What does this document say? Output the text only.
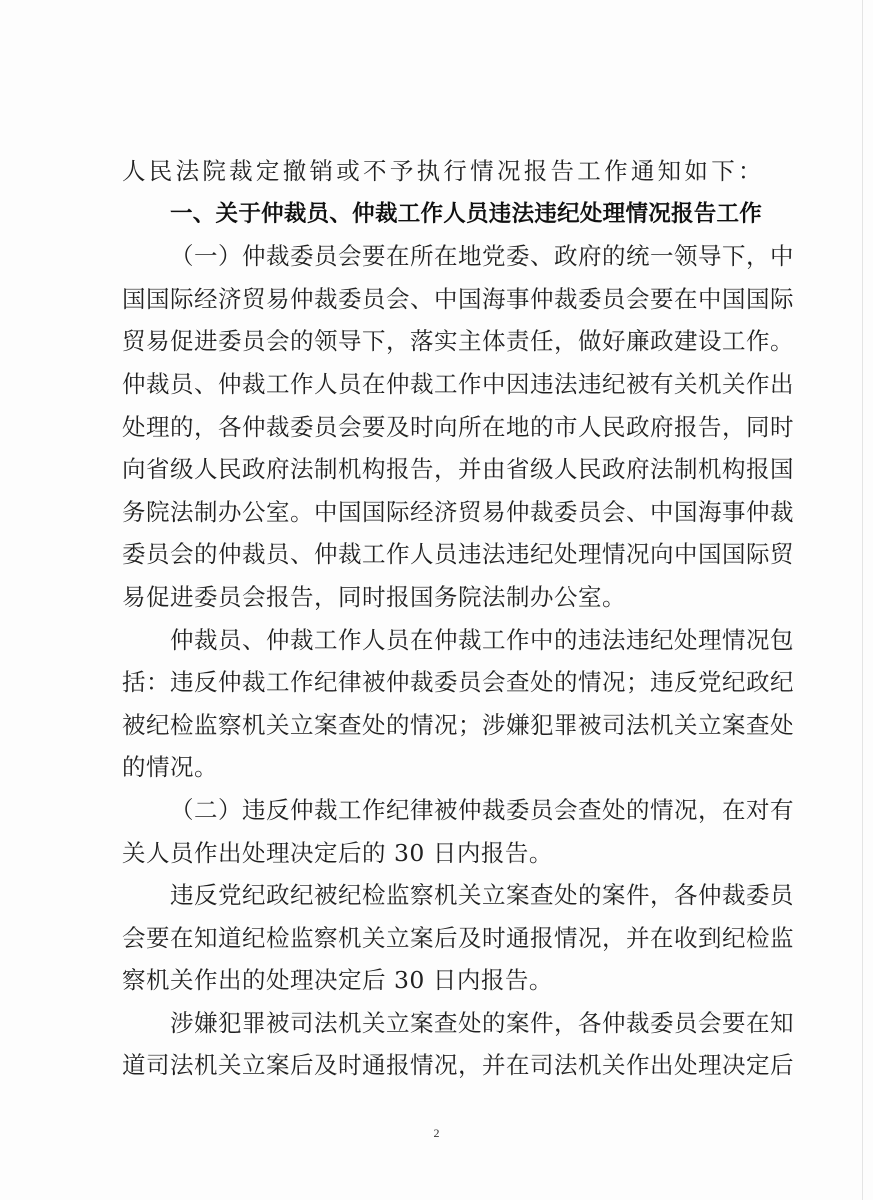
人民法院裁定撤销或不予执行情况报告工作通知如下：
一、关于仲裁员、仲裁工作人员违法违纪处理情况报告工作
（一）仲裁委员会要在所在地党委、政府的统一领导下，中
国国际经济贸易仲裁委员会、中国海事仲裁委员会要在中国国际
贸易促进委员会的领导下，落实主体责任，做好廉政建设工作。
仲裁员、仲裁工作人员在仲裁工作中因违法违纪被有关机关作出
处理的，各仲裁委员会要及时向所在地的市人民政府报告，同时
向省级人民政府法制机构报告，并由省级人民政府法制机构报国
务院法制办公室。中国国际经济贸易仲裁委员会、中国海事仲裁
委员会的仲裁员、仲裁工作人员违法违纪处理情况向中国国际贸
易促进委员会报告，同时报国务院法制办公室。
仲裁员、仲裁工作人员在仲裁工作中的违法违纪处理情况包
括：违反仲裁工作纪律被仲裁委员会查处的情况；违反党纪政纪
被纪检监察机关立案查处的情况；涉嫌犯罪被司法机关立案查处
的情况。
（二）违反仲裁工作纪律被仲裁委员会查处的情况，在对有
关人员作出处理决定后的 30 日内报告。
违反党纪政纪被纪检监察机关立案查处的案件，各仲裁委员
会要在知道纪检监察机关立案后及时通报情况，并在收到纪检监
察机关作出的处理决定后 30 日内报告。
涉嫌犯罪被司法机关立案查处的案件，各仲裁委员会要在知
道司法机关立案后及时通报情况，并在司法机关作出处理决定后
2
